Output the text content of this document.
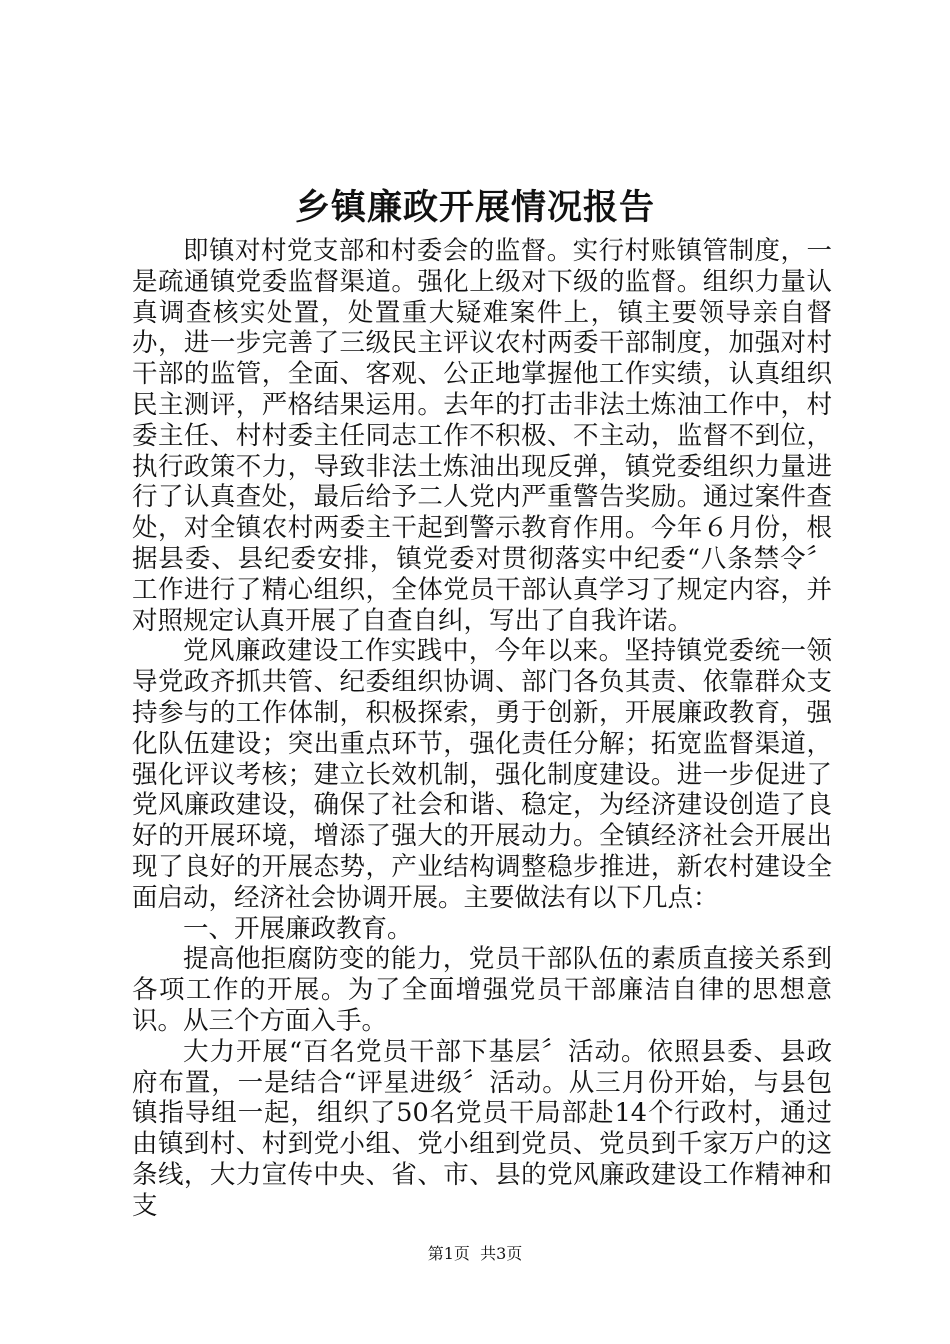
乡镇廉政开展情况报告

即镇对村党支部和村委会的监督。实行村账镇管制度，一是疏通镇党委监督渠道。强化上级对下级的监督。组织力量认真调查核实处置，处置重大疑难案件上，镇主要领导亲自督办，进一步完善了三级民主评议农村两委干部制度，加强对村干部的监管，全面、客观、公正地掌握他工作实绩，认真组织民主测评，严格结果运用。去年的打击非法土炼油工作中，村委主任、村村委主任同志工作不积极、不主动，监督不到位，执行政策不力，导致非法土炼油出现反弹，镇党委组织力量进行了认真查处，最后给予二人党内严重警告奖励。通过案件查处，对全镇农村两委主干起到警示教育作用。今年６月份，根据县委、县纪委安排，镇党委对贯彻落实中纪委“八条禁令〞工作进行了精心组织，全体党员干部认真学习了规定内容，并对照规定认真开展了自查自纠，写出了自我许诺。

党风廉政建设工作实践中，今年以来。坚持镇党委统一领导党政齐抓共管、纪委组织协调、部门各负其责、依靠群众支持参与的工作体制，积极探索，勇于创新，开展廉政教育，强化队伍建设；突出重点环节，强化责任分解；拓宽监督渠道，强化评议考核；建立长效机制，强化制度建设。进一步促进了党风廉政建设，确保了社会和谐、稳定，为经济建设创造了良好的开展环境，增添了强大的开展动力。全镇经济社会开展出现了良好的开展态势，产业结构调整稳步推进，新农村建设全面启动，经济社会协调开展。主要做法有以下几点：

一、开展廉政教育。

提高他拒腐防变的能力，党员干部队伍的素质直接关系到各项工作的开展。为了全面增强党员干部廉洁自律的思想意识。从三个方面入手。

大力开展“百名党员干部下基层〞活动。依照县委、县政府布置，一是结合“评星进级〞活动。从三月份开始，与县包镇指导组一起，组织了50名党员干局部赴14个行政村，通过由镇到村、村到党小组、党小组到党员、党员到千家万户的这条线，大力宣传中央、省、市、县的党风廉政建设工作精神和支

第1页  共3页
